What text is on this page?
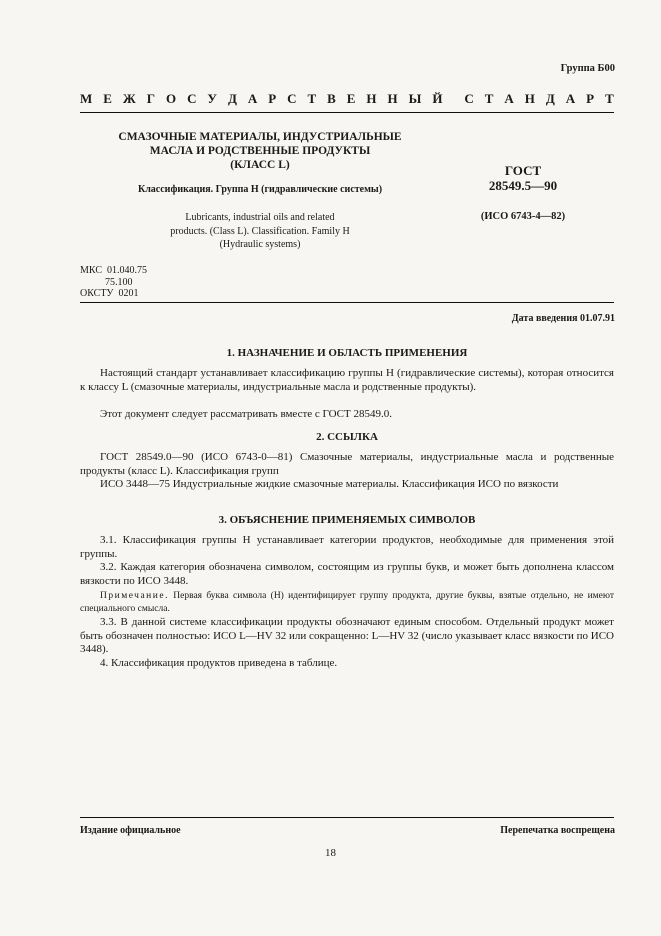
Группа Б00
М Е Ж Г О С У Д А Р С Т В Е Н Н Ы Й С Т А Н Д А Р Т
СМАЗОЧНЫЕ МАТЕРИАЛЫ, ИНДУСТРИАЛЬНЫЕ
МАСЛА И РОДСТВЕННЫЕ ПРОДУКТЫ
(КЛАСС L)
Классификация. Группа Н (гидравлические системы)
Lubricants, industrial oils and related
products. (Class L). Classification. Family H
(Hydraulic systems)
ГОСТ
28549.5—90
(ИСО 6743-4—82)
МКС  01.040.75
75.100
ОКСТУ  0201
Дата введения 01.07.91
1. НАЗНАЧЕНИЕ И ОБЛАСТЬ ПРИМЕНЕНИЯ
Настоящий стандарт устанавливает классификацию группы Н (гидравлические системы), которая относится к классу L (смазочные материалы, индустриальные масла и родственные продукты).
Этот документ следует рассматривать вместе с ГОСТ 28549.0.
2. ССЫЛКА
ГОСТ 28549.0—90 (ИСО 6743-0—81) Смазочные материалы, индустриальные масла и родственные продукты (класс L). Классификация групп
ИСО 3448—75 Индустриальные жидкие смазочные материалы. Классификация ИСО по вязкости
3. ОБЪЯСНЕНИЕ ПРИМЕНЯЕМЫХ СИМВОЛОВ
3.1. Классификация группы Н устанавливает категории продуктов, необходимые для применения этой группы.
3.2. Каждая категория обозначена символом, состоящим из группы букв, и может быть дополнена классом вязкости по ИСО 3448.
Примечание. Первая буква символа (Н) идентифицирует группу продукта, другие буквы, взятые отдельно, не имеют специального смысла.
3.3. В данной системе классификации продукты обозначают единым способом. Отдельный продукт может быть обозначен полностью: ИСО L—HV 32 или сокращенно: L—HV 32 (число указывает класс вязкости по ИСО 3448).
4. Классификация продуктов приведена в таблице.
Издание официальное	Перепечатка воспрещена
18
